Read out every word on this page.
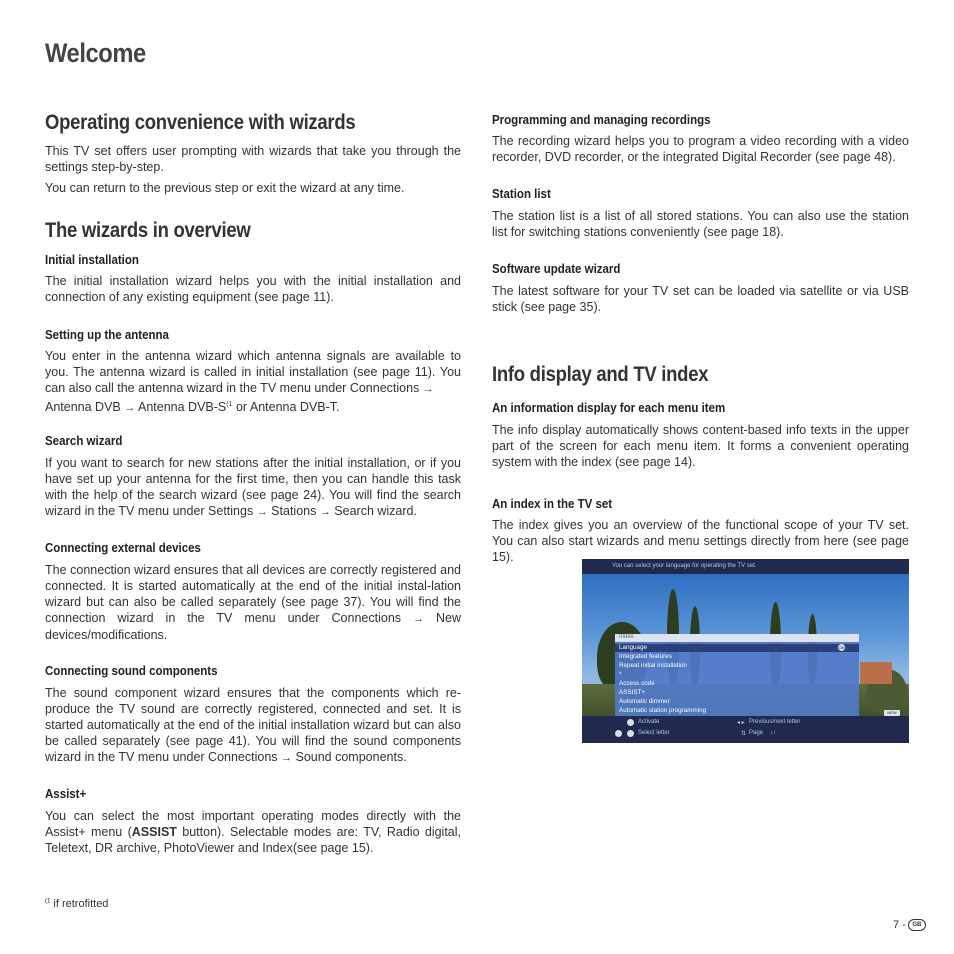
Welcome
Operating convenience with wizards

This TV set offers user prompting with wizards that take you through the settings step-by-step.

You can return to the previous step or exit the wizard at any time.

The wizards in overview
Initial installation

The initial installation wizard helps you with the initial installation and connection of any existing equipment (see page 11).

Setting up the antenna

You enter in the antenna wizard which antenna signals are available to you. The antenna wizard is called in initial installation (see page 11). You can also call the antenna wizard in the TV menu under Connections →
Antenna DVB → Antenna DVB-$S^{(1}$ or Antenna DVB-T.

Search wizard

If you want to search for new stations after the initial installation, or if you have set up your antenna for the first time, then you can handle this task with the help of the search wizard (see page 24). You will find the search wizard in the TV menu under Settings → Stations → Search wizard.

Connecting external devices

The connection wizard ensures that all devices are correctly registered and connected. It is started automatically at the end of the initial instal-lation wizard but can also be called separately (see page 37). You will find the connection wizard in the TV menu under Connections → New devices/modifications.

Connecting sound components

The sound component wizard ensures that the components which re-produce the TV sound are correctly registered, connected and set. It is started automatically at the end of the initial installation wizard but can also be called separately (see page 41). You will find the sound components wizard in the TV menu under Connections → Sound components.

Assist+

You can select the most important operating modes directly with the Assist+ menu (ASSIST button). Selectable modes are: TV, Radio digital, Teletext, DR archive, PhotoViewer and Index(see page 15).

Programming and managing recordings

The recording wizard helps you to program a video recording with a video recorder, DVD recorder, or the integrated Digital Recorder (see page 48).

Station list

The station list is a list of all stored stations. You can also use the station list for switching stations conveniently (see page 18).

Software update wizard

The latest software for your TV set can be loaded via satellite or via USB stick (see page 35).

Info display and TV index
An information display for each menu item

The info display automatically shows content-based info texts in the upper part of the screen for each menu item. It forms a convenient operating system with the index (see page 14).

An index in the TV set

The index gives you an overview of the functional scope of your TV set. You can also start wizards and menu settings directly from here (see page 15).

You can select your language for operating the TV set.
Index
OK
Language
Integrated features
Repeat initial installation
*
Access code
ASSIST+
Automatic dimmer
Automatic station programming	NEW
Activate	◂ ▸ Previous/next letter
Select letter	⇅ Page ↓↑
$^{(1}$ if retrofitted
7 - GB
